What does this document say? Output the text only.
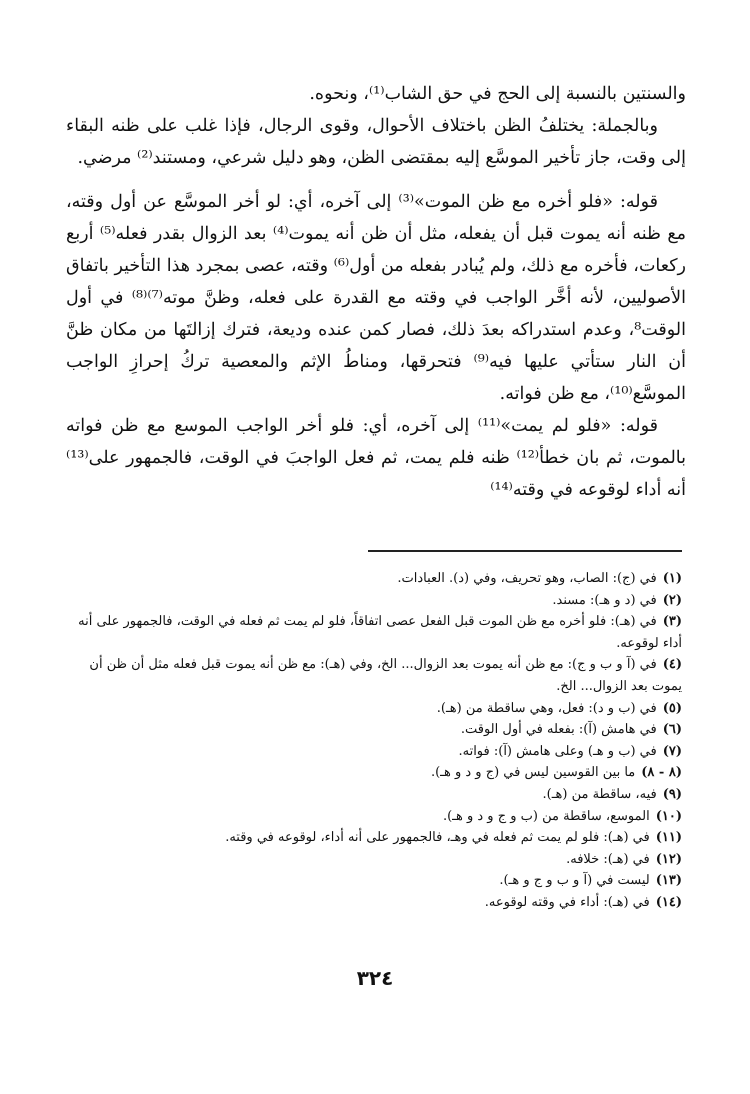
والسنتين بالنسبة إلى الحج في حق الشاب⁽¹⁾، ونحوه.

وبالجملة: يختلفُ الظن باختلاف الأحوال، وقوى الرجال، فإذا غلب على ظنه البقاء إلى وقت، جاز تأخير الموسَّع إليه بمقتضى الظن، وهو دليل شرعي، ومستند⁽²⁾ مرضي.

قوله: «فلو أخره مع ظن الموت»⁽³⁾ إلى آخره، أي: لو أخر الموسَّع عن أول وقته، مع ظنه أنه يموت قبل أن يفعله، مثل أن ظن أنه يموت⁽⁴⁾ بعد الزوال بقدر فعله⁽⁵⁾ أربع ركعات، فأخره مع ذلك، ولم يُبادر بفعله من أول⁽⁶⁾ وقته، عصى بمجرد هذا التأخير باتفاق الأصوليين، لأنه أخَّر الواجب في وقته مع القدرة على فعله، وظنَّ موته⁽⁷⁾⁽⁸⁾ في أول الوقت⁸، وعدم استدراكه بعدَ ذلك، فصار كمن عنده وديعة، فترك إزالتَها من مكان ظنَّ أن النار ستأتي عليها فيه⁽⁹⁾ فتحرقها، ومناطُ الإثم والمعصية تركُ إحرازِ الواجب الموسَّع⁽¹⁰⁾، مع ظن فواته.

قوله: «فلو لم يمت»⁽¹¹⁾ إلى آخره، أي: فلو أخر الواجب الموسع مع ظن فواته بالموت، ثم بان خطأ⁽¹²⁾ ظنه فلم يمت، ثم فعل الواجبَ في الوقت، فالجمهور على⁽¹³⁾ أنه أداء لوقوعه في وقته⁽¹⁴⁾

(١)في (ج): الصاب، وهو تحريف، وفي (د). العبادات.

(٢)في (د و هـ): مسند.

(٣)في (هـ): فلو أخره مع ظن الموت قبل الفعل عصى اتفاقاً، فلو لم يمت ثم فعله في الوقت، فالجمهور على أنه أداء لوقوعه.

(٤)في (آ و ب و ج): مع ظن أنه يموت بعد الزوال... الخ، وفي (هـ): مع ظن أنه يموت قبل فعله مثل أن ظن أن يموت بعد الزوال... الخ.

(٥)في (ب و د): فعل، وهي ساقطة من (هـ).

(٦)في هامش (آ): بفعله في أول الوقت.

(٧)في (ب و هـ) وعلى هامش (آ): فواته.

(٨ - ٨)ما بين القوسين ليس في (ج و د و هـ).

(٩)فيه، ساقطة من (هـ).

(١٠)الموسع، ساقطة من (ب و ج و د و هـ).

(١١)في (هـ): فلو لم يمت ثم فعله في وهـ، فالجمهور على أنه أداء، لوقوعه في وقته.

(١٢)في (هـ): خلافه.

(١٣)ليست في (آ و ب و ج و هـ).

(١٤)في (هـ): أداء في وقته لوقوعه.

٣٢٤
